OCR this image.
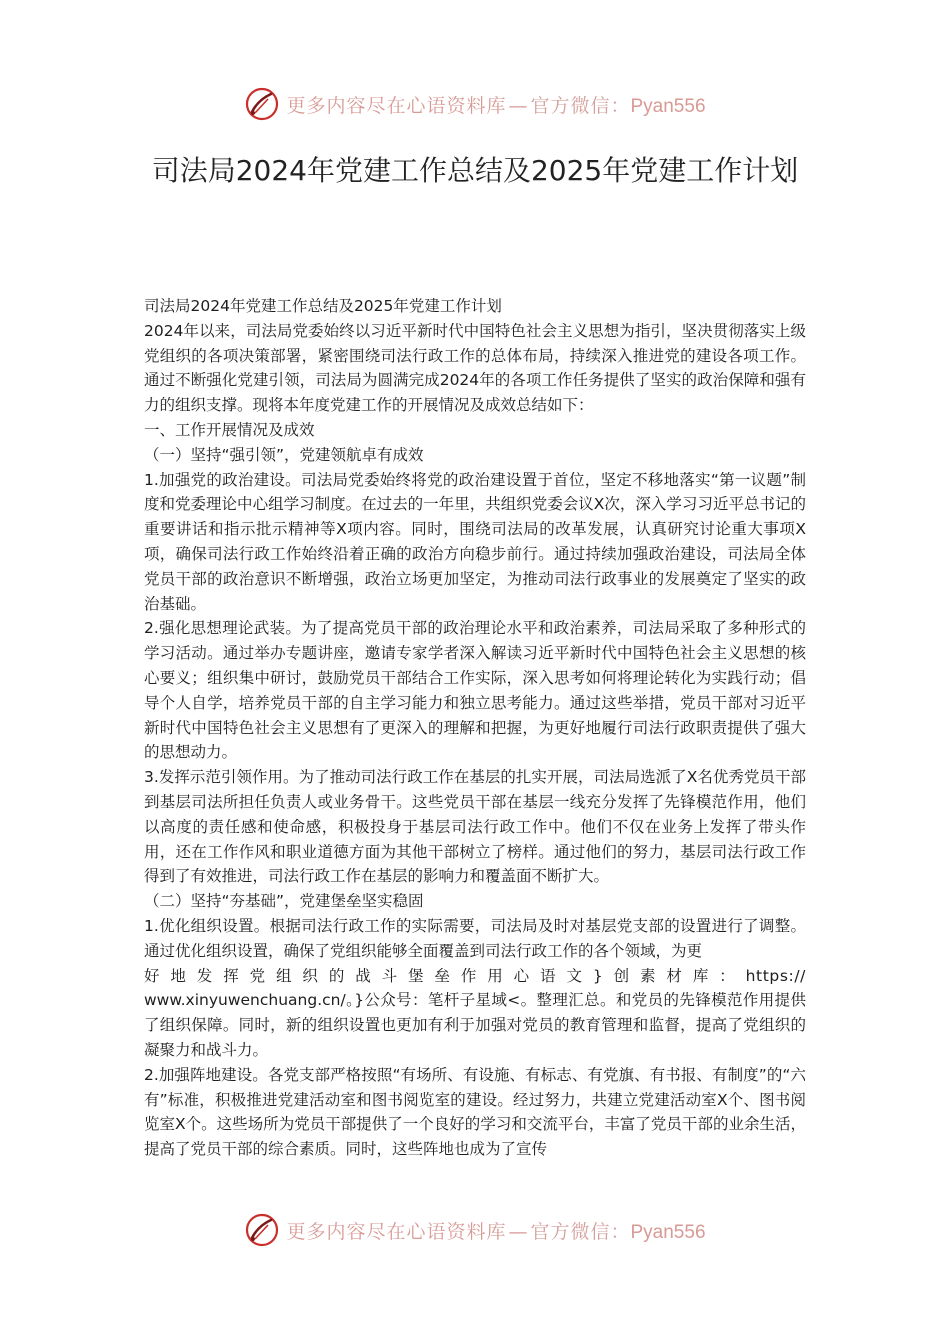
更多内容尽在心语资料库 — 官方微信：Pyan556
司法局2024年党建工作总结及2025年党建工作计划

司法局2024年党建工作总结及2025年党建工作计划

2024年以来，司法局党委始终以习近平新时代中国特色社会主义思想为指引，坚决贯彻落实上级党组织的各项决策部署，紧密围绕司法行政工作的总体布局，持续深入推进党的建设各项工作。通过不断强化党建引领，司法局为圆满完成2024年的各项工作任务提供了坚实的政治保障和强有力的组织支撑。现将本年度党建工作的开展情况及成效总结如下：

一、工作开展情况及成效

（一）坚持“强引领”，党建领航卓有成效

1.加强党的政治建设。司法局党委始终将党的政治建设置于首位，坚定不移地落实“第一议题”制度和党委理论中心组学习制度。在过去的一年里，共组织党委会议X次，深入学习习近平总书记的重要讲话和指示批示精神等X项内容。同时，围绕司法局的改革发展，认真研究讨论重大事项X项，确保司法行政工作始终沿着正确的政治方向稳步前行。通过持续加强政治建设，司法局全体党员干部的政治意识不断增强，政治立场更加坚定，为推动司法行政事业的发展奠定了坚实的政治基础。

2.强化思想理论武装。为了提高党员干部的政治理论水平和政治素养，司法局采取了多种形式的学习活动。通过举办专题讲座，邀请专家学者深入解读习近平新时代中国特色社会主义思想的核心要义；组织集中研讨，鼓励党员干部结合工作实际，深入思考如何将理论转化为实践行动；倡导个人自学，培养党员干部的自主学习能力和独立思考能力。通过这些举措，党员干部对习近平新时代中国特色社会主义思想有了更深入的理解和把握，为更好地履行司法行政职责提供了强大的思想动力。

3.发挥示范引领作用。为了推动司法行政工作在基层的扎实开展，司法局选派了X名优秀党员干部到基层司法所担任负责人或业务骨干。这些党员干部在基层一线充分发挥了先锋模范作用，他们以高度的责任感和使命感，积极投身于基层司法行政工作中。他们不仅在业务上发挥了带头作用，还在工作作风和职业道德方面为其他干部树立了榜样。通过他们的努力，基层司法行政工作得到了有效推进，司法行政工作在基层的影响力和覆盖面不断扩大。

（二）坚持“夯基础”，党建堡垒坚实稳固

1.优化组织设置。根据司法行政工作的实际需要，司法局及时对基层党支部的设置进行了调整。通过优化组织设置，确保了党组织能够全面覆盖到司法行政工作的各个领域，为更

好地发挥党组织的战斗堡垒作用心语文}创素材库：https://

www.xinyuwenchuang.cn/。}公众号：笔杆子星域<。整理汇总。和党员的先锋模范作用提供了组织保障。同时，新的组织设置也更加有利于加强对党员的教育管理和监督，提高了党组织的凝聚力和战斗力。

2.加强阵地建设。各党支部严格按照“有场所、有设施、有标志、有党旗、有书报、有制度”的“六有”标准，积极推进党建活动室和图书阅览室的建设。经过努力，共建立党建活动室X个、图书阅览室X个。这些场所为党员干部提供了一个良好的学习和交流平台，丰富了党员干部的业余生活，提高了党员干部的综合素质。同时，这些阵地也成为了宣传

更多内容尽在心语资料库 — 官方微信：Pyan556
